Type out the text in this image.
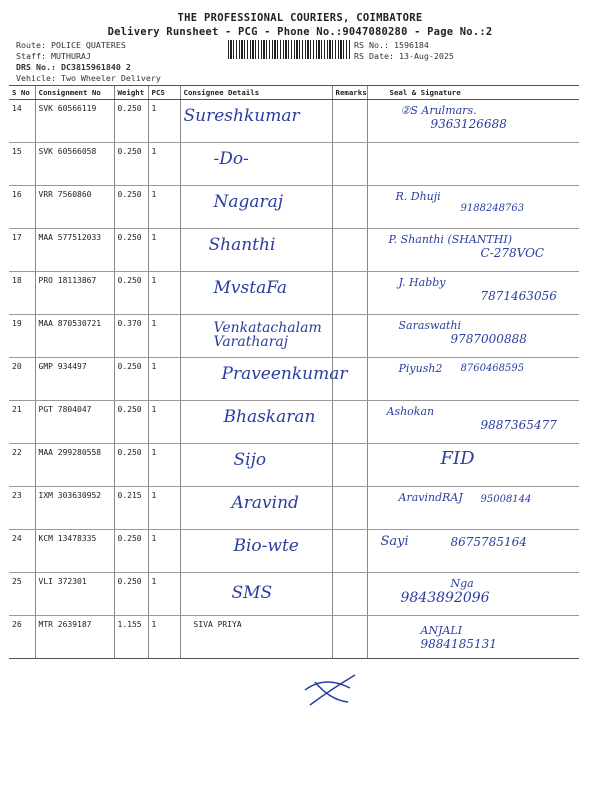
THE PROFESSIONAL COURIERS, COIMBATORE
Delivery Runsheet - PCG - Phone No.:9047080280 - Page No.:2
Route: POLICE QUATERES
Staff: MUTHURAJ
DRS No.: DC3815961840 2
Vehicle: Two Wheeler Delivery
RS No.: 1596184
RS Date: 13-Aug-2025
S No	Consignment No	Weight	PCS	Consignee Details	Remarks	Seal & Signature
14	SVK 60566119	0.250	1	Sureshkumar		②S Arulmars.
9363126688

15	SVK 60566058	0.250	1	-Do-		

16	VRR 7560860	0.250	1	Nagaraj		R. Dhuji
9188248763

17	MAA 577512033	0.250	1	Shanthi		P. Shanthi (SHANTHI)
C-278VOC

18	PRO 18113867	0.250	1	MvstaFa		J. Habby
7871463056

19	MAA 870530721	0.370	1	Venkatachalam Varatharaj		Saraswathi
9787000888

20	GMP 934497	0.250	1	Praveenkumar		Piyush2 8760468595

21	PGT 7804047	0.250	1	Bhaskaran		Ashokan
9887365477

22	MAA 299280558	0.250	1	Sijo		FID

23	IXM 303630952	0.215	1	Aravind		AravindRAJ 95008144

24	KCM 13478335	0.250	1	Bio-wte		Sayi 8675785164

25	VLI 372301	0.250	1	SMS		Nga
9843892096

26	MTR 2639187	1.155	1	SIVA PRIYA		ANJALI
9884185131
